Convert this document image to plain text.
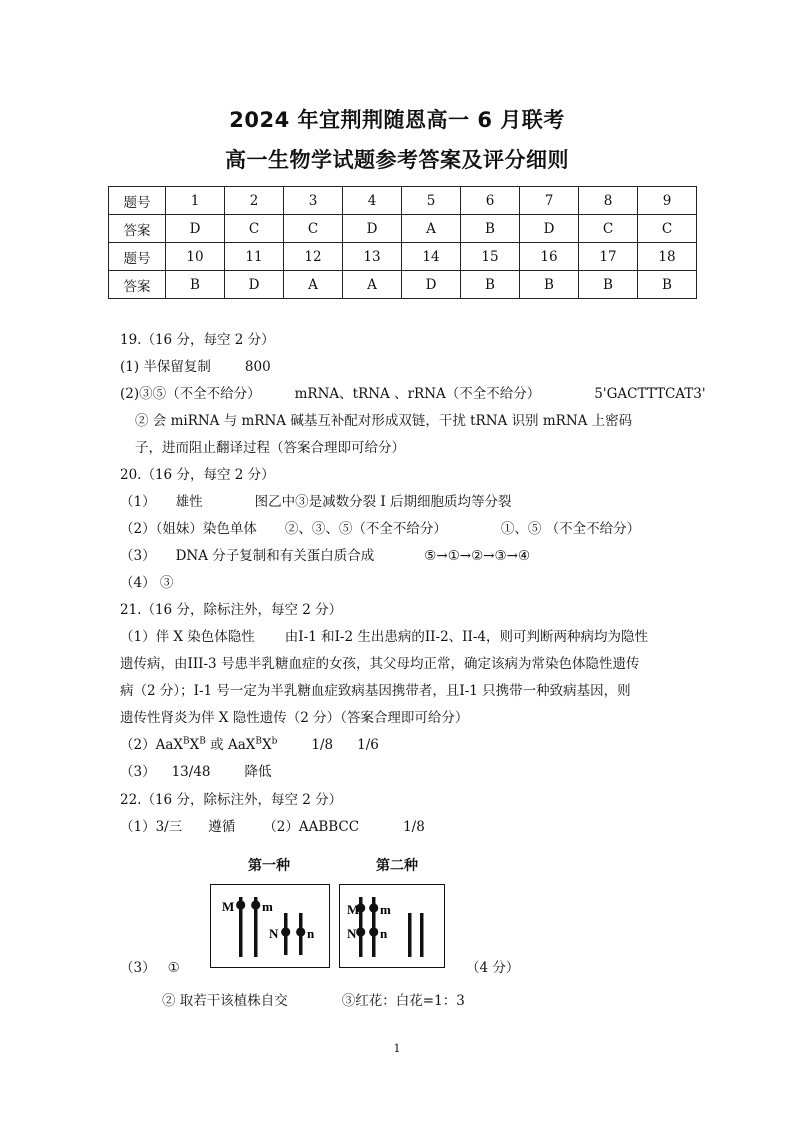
2024 年宜荆荆随恩高一 6 月联考
高一生物学试题参考答案及评分细则
题号	1	2	3	4	5	6	7	8	9
答案	D	C	C	D	A	B	D	C	C
题号	10	11	12	13	14	15	16	17	18
答案	B	D	A	A	D	B	B	B	B
19.（16 分，每空 2 分）
(1) 半保留复制	800
(2)③⑤（不全不给分）	mRNA、tRNA 、rRNA（不全不给分）	5'GACTTTCAT3'
② 会 miRNA 与 mRNA 碱基互补配对形成双链，干扰 tRNA 识别 mRNA 上密码
子，进而阻止翻译过程（答案合理即可给分）
20.（16 分，每空 2 分）
（1） 雄性	图乙中③是减数分裂 I 后期细胞质均等分裂
（2）（姐妹）染色单体 ②、③、⑤（不全不给分）	①、⑤ （不全不给分）
（3） DNA 分子复制和有关蛋白质合成	⑤→①→②→③→④
（4） ③
21.（16 分，除标注外，每空 2 分）
（1）伴 X 染色体隐性 由I-1 和I-2 生出患病的II-2、II-4，则可判断两种病均为隐性
遗传病，由III-3 号患半乳糖血症的女孩，其父母均正常，确定该病为常染色体隐性遗传
病（2 分）；I-1 号一定为半乳糖血症致病基因携带者，且I-1 只携带一种致病基因，则
遗传性肾炎为伴 X 隐性遗传（2 分）（答案合理即可给分）
$(2)AaX^BX^B$ 或 $AaX^BX^b$	1/8 1/6
（3） 13/48	降低
22.（16 分，除标注外，每空 2 分）
（1）3/三 遵循 （2）AABBCC	1/8
第一种	第二种
M m
N n
M m
N n
（3） ①	（4 分）
② 取若干该植株自交	③红花：白花=1：3
1
